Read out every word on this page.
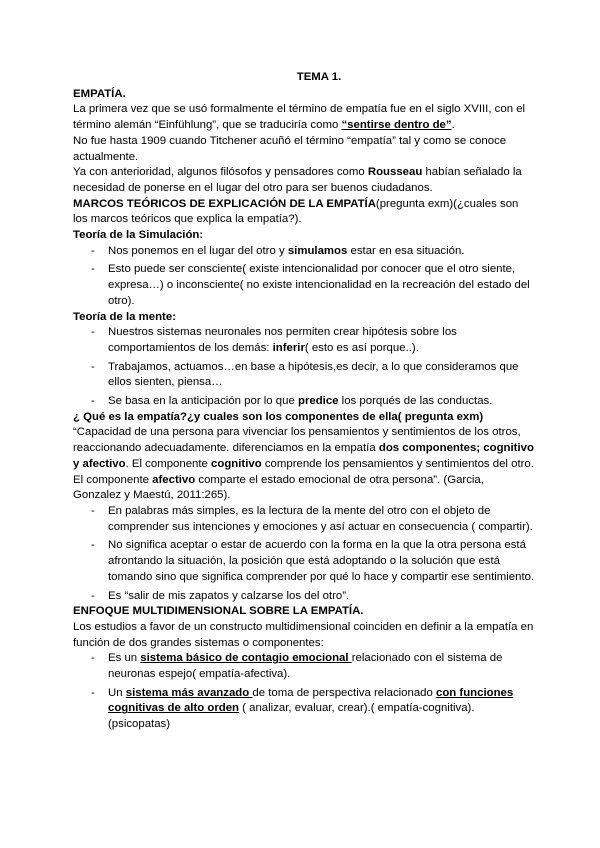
TEMA 1.

EMPATÍA.

La primera vez que se usó formalmente el término de empatía fue en el siglo XVIII, con el término alemán “Einfühlung”, que se traduciría como “sentirse dentro de”.

No fue hasta 1909 cuando Titchener acuñó el término “empatía” tal y como se conoce actualmente.

Ya con anterioridad, algunos filósofos y pensadores como Rousseau habían señalado la necesidad de ponerse en el lugar del otro para ser buenos ciudadanos.

MARCOS TEÓRICOS DE EXPLICACIÓN DE LA EMPATÍA(pregunta exm)(¿cuales son los marcos teóricos que explica la empatía?).

Teoría de la Simulación:

- Nos ponemos en el lugar del otro y simulamos estar en esa situación.
- Esto puede ser consciente( existe intencionalidad por conocer que el otro siente, expresa…) o inconsciente( no existe intencionalidad en la recreación del estado del otro).

Teoría de la mente:

- Nuestros sistemas neuronales nos permiten crear hipótesis sobre los comportamientos de los demás: inferir( esto es así porque..).
- Trabajamos, actuamos…en base a hipótesis,es decir, a lo que consideramos que ellos sienten, piensa…
- Se basa en la anticipación por lo que predice los porqués de las conductas.

¿ Qué es la empatía?¿y cuales son los componentes de ella( pregunta exm)

“Capacidad de una persona para vivenciar los pensamientos y sentimientos de los otros, reaccionando adecuadamente. diferenciamos en la empatía dos componentes; cognitivo y afectivo. El componente cognitivo comprende los pensamientos y sentimientos del otro. El componente afectivo comparte el estado emocional de otra persona”. (Garcia, Gonzalez y Maestú, 2011:265).

- En palabras más simples, es la lectura de la mente del otro con el objeto de comprender sus intenciones y emociones y así actuar en consecuencia ( compartir).
- No significa aceptar o estar de acuerdo con la forma en la que la otra persona está afrontando la situación, la posición que está adoptando o la solución que está tomando sino que significa comprender por qué lo hace y compartir ese sentimiento.
- Es “salir de mis zapatos y calzarse los del otro”.

ENFOQUE MULTIDIMENSIONAL SOBRE LA EMPATÍA.

Los estudios a favor de un constructo multidimensional coinciden en definir a la empatía en función de dos grandes sistemas o componentes:

- Es un sistema básico de contagio emocional relacionado con el sistema de neuronas espejo( empatía-afectiva).
- Un sistema más avanzado de toma de perspectiva relacionado con funciones cognitivas de alto orden ( analizar, evaluar, crear).( empatía-cognitiva).(psicopatas)
